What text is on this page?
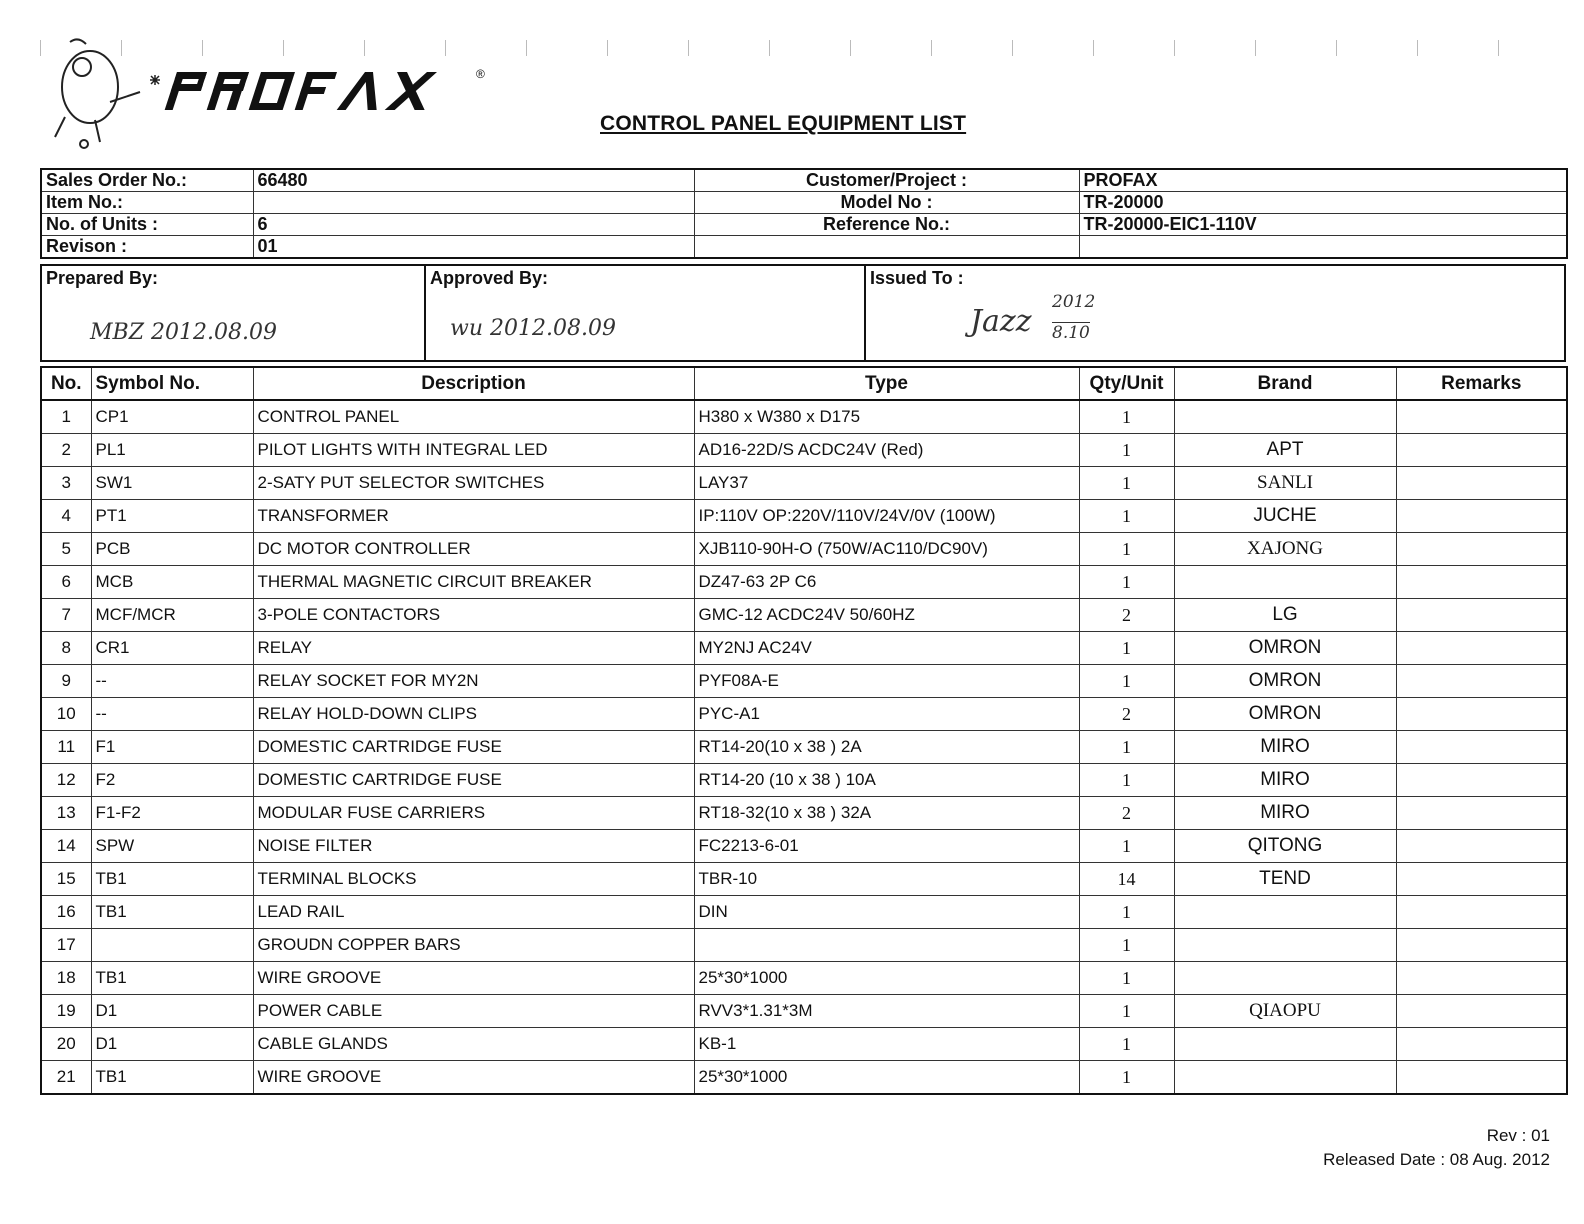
®
CONTROL PANEL EQUIPMENT LIST
Sales Order No.:	66480	Customer/Project :	PROFAX
Item No.:		Model No :	TR-20000
No. of Units :	6	Reference No.:	TR-20000-EIC1-110V
Revison :	01		
Prepared By:
MBZ 2012.08.09
Approved By:
wu 2012.08.09
Issued To :
Jazz
2012
8.10
No.	Symbol No.	Description	Type	Qty/Unit	Brand	Remarks
1	CP1	CONTROL PANEL	H380 x W380 x D175	1		
2	PL1	PILOT LIGHTS WITH INTEGRAL LED	AD16-22D/S ACDC24V (Red)	1	APT	
3	SW1	2-SATY PUT SELECTOR SWITCHES	LAY37	1	SANLI	
4	PT1	TRANSFORMER	IP:110V OP:220V/110V/24V/0V (100W)	1	JUCHE	
5	PCB	DC MOTOR CONTROLLER	XJB110-90H-O (750W/AC110/DC90V)	1	XAJONG	
6	MCB	THERMAL MAGNETIC CIRCUIT BREAKER	DZ47-63 2P C6	1		
7	MCF/MCR	3-POLE CONTACTORS	GMC-12 ACDC24V 50/60HZ	2	LG	
8	CR1	RELAY	MY2NJ AC24V	1	OMRON	
9	--	RELAY SOCKET FOR MY2N	PYF08A-E	1	OMRON	
10	--	RELAY HOLD-DOWN CLIPS	PYC-A1	2	OMRON	
11	F1	DOMESTIC CARTRIDGE FUSE	RT14-20(10 x 38 ) 2A	1	MIRO	
12	F2	DOMESTIC CARTRIDGE FUSE	RT14-20 (10 x 38 ) 10A	1	MIRO	
13	F1-F2	MODULAR FUSE CARRIERS	RT18-32(10 x 38 ) 32A	2	MIRO	
14	SPW	NOISE FILTER	FC2213-6-01	1	QITONG	
15	TB1	TERMINAL BLOCKS	TBR-10	14	TEND	
16	TB1	LEAD RAIL	DIN	1		
17		GROUDN COPPER BARS		1		
18	TB1	WIRE GROOVE	25*30*1000	1		
19	D1	POWER CABLE	RVV3*1.31*3M	1	QIAOPU	
20	D1	CABLE GLANDS	KB-1	1		
21	TB1	WIRE GROOVE	25*30*1000	1		
Rev : 01
Released Date : 08 Aug. 2012
